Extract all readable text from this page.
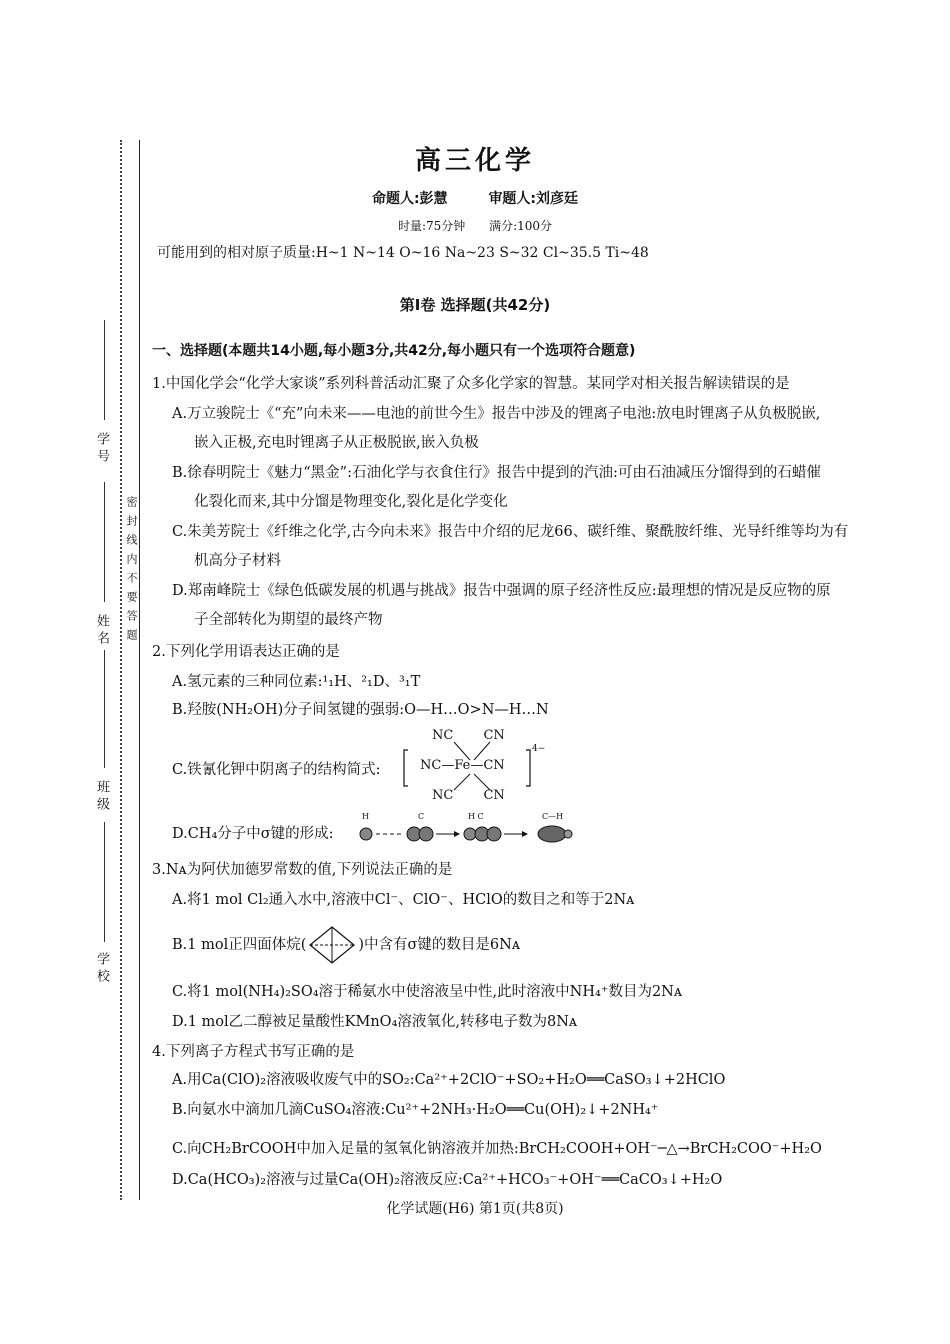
学 号
姓 名
班 级
学 校
密封线内不要答题
高三化学
命题人:彭慧	审题人:刘彦廷
时量:75分钟 满分:100分
可能用到的相对原子质量:H~1 N~14 O~16 Na~23 S~32 Cl~35.5 Ti~48
第Ⅰ卷 选择题(共42分)
一、选择题(本题共14小题,每小题3分,共42分,每小题只有一个选项符合题意)
1.中国化学会“化学大家谈”系列科普活动汇聚了众多化学家的智慧。某同学对相关报告解读错误的是
A.万立骏院士《“充”向未来——电池的前世今生》报告中涉及的锂离子电池:放电时锂离子从负极脱嵌,
嵌入正极,充电时锂离子从正极脱嵌,嵌入负极
B.徐春明院士《魅力“黑金”:石油化学与衣食住行》报告中提到的汽油:可由石油减压分馏得到的石蜡催
化裂化而来,其中分馏是物理变化,裂化是化学变化
C.朱美芳院士《纤维之化学,古今向未来》报告中介绍的尼龙66、碳纤维、聚酰胺纤维、光导纤维等均为有
机高分子材料
D.郑南峰院士《绿色低碳发展的机遇与挑战》报告中强调的原子经济性反应:最理想的情况是反应物的原
子全部转化为期望的最终产物
2.下列化学用语表达正确的是
A.氢元素的三种同位素:¹₁H、²₁D、³₁T
B.羟胺(NH₂OH)分子间氢键的强弱:O—H…O>N—H…N
C.铁氰化钾中阴离子的结构简式:
NC CN
NC—Fe—CN
NC CN
4−
D.CH₄分子中σ键的形成:
H	C	H C	C—H
3.Nᴀ为阿伏加德罗常数的值,下列说法正确的是
A.将1 mol Cl₂通入水中,溶液中Cl⁻、ClO⁻、HClO的数目之和等于2Nᴀ
B.1 mol正四面体烷(	)中含有σ键的数目是6Nᴀ
C.将1 mol(NH₄)₂SO₄溶于稀氨水中使溶液呈中性,此时溶液中NH₄⁺数目为2Nᴀ
D.1 mol乙二醇被足量酸性KMnO₄溶液氧化,转移电子数为8Nᴀ
4.下列离子方程式书写正确的是
A.用Ca(ClO)₂溶液吸收废气中的SO₂:Ca²⁺+2ClO⁻+SO₂+H₂O══CaSO₃↓+2HClO
B.向氨水中滴加几滴CuSO₄溶液:Cu²⁺+2NH₃·H₂O══Cu(OH)₂↓+2NH₄⁺
C.向CH₂BrCOOH中加入足量的氢氧化钠溶液并加热:BrCH₂COOH+OH⁻─△→BrCH₂COO⁻+H₂O
D.Ca(HCO₃)₂溶液与过量Ca(OH)₂溶液反应:Ca²⁺+HCO₃⁻+OH⁻══CaCO₃↓+H₂O
化学试题(H6) 第1页(共8页)
